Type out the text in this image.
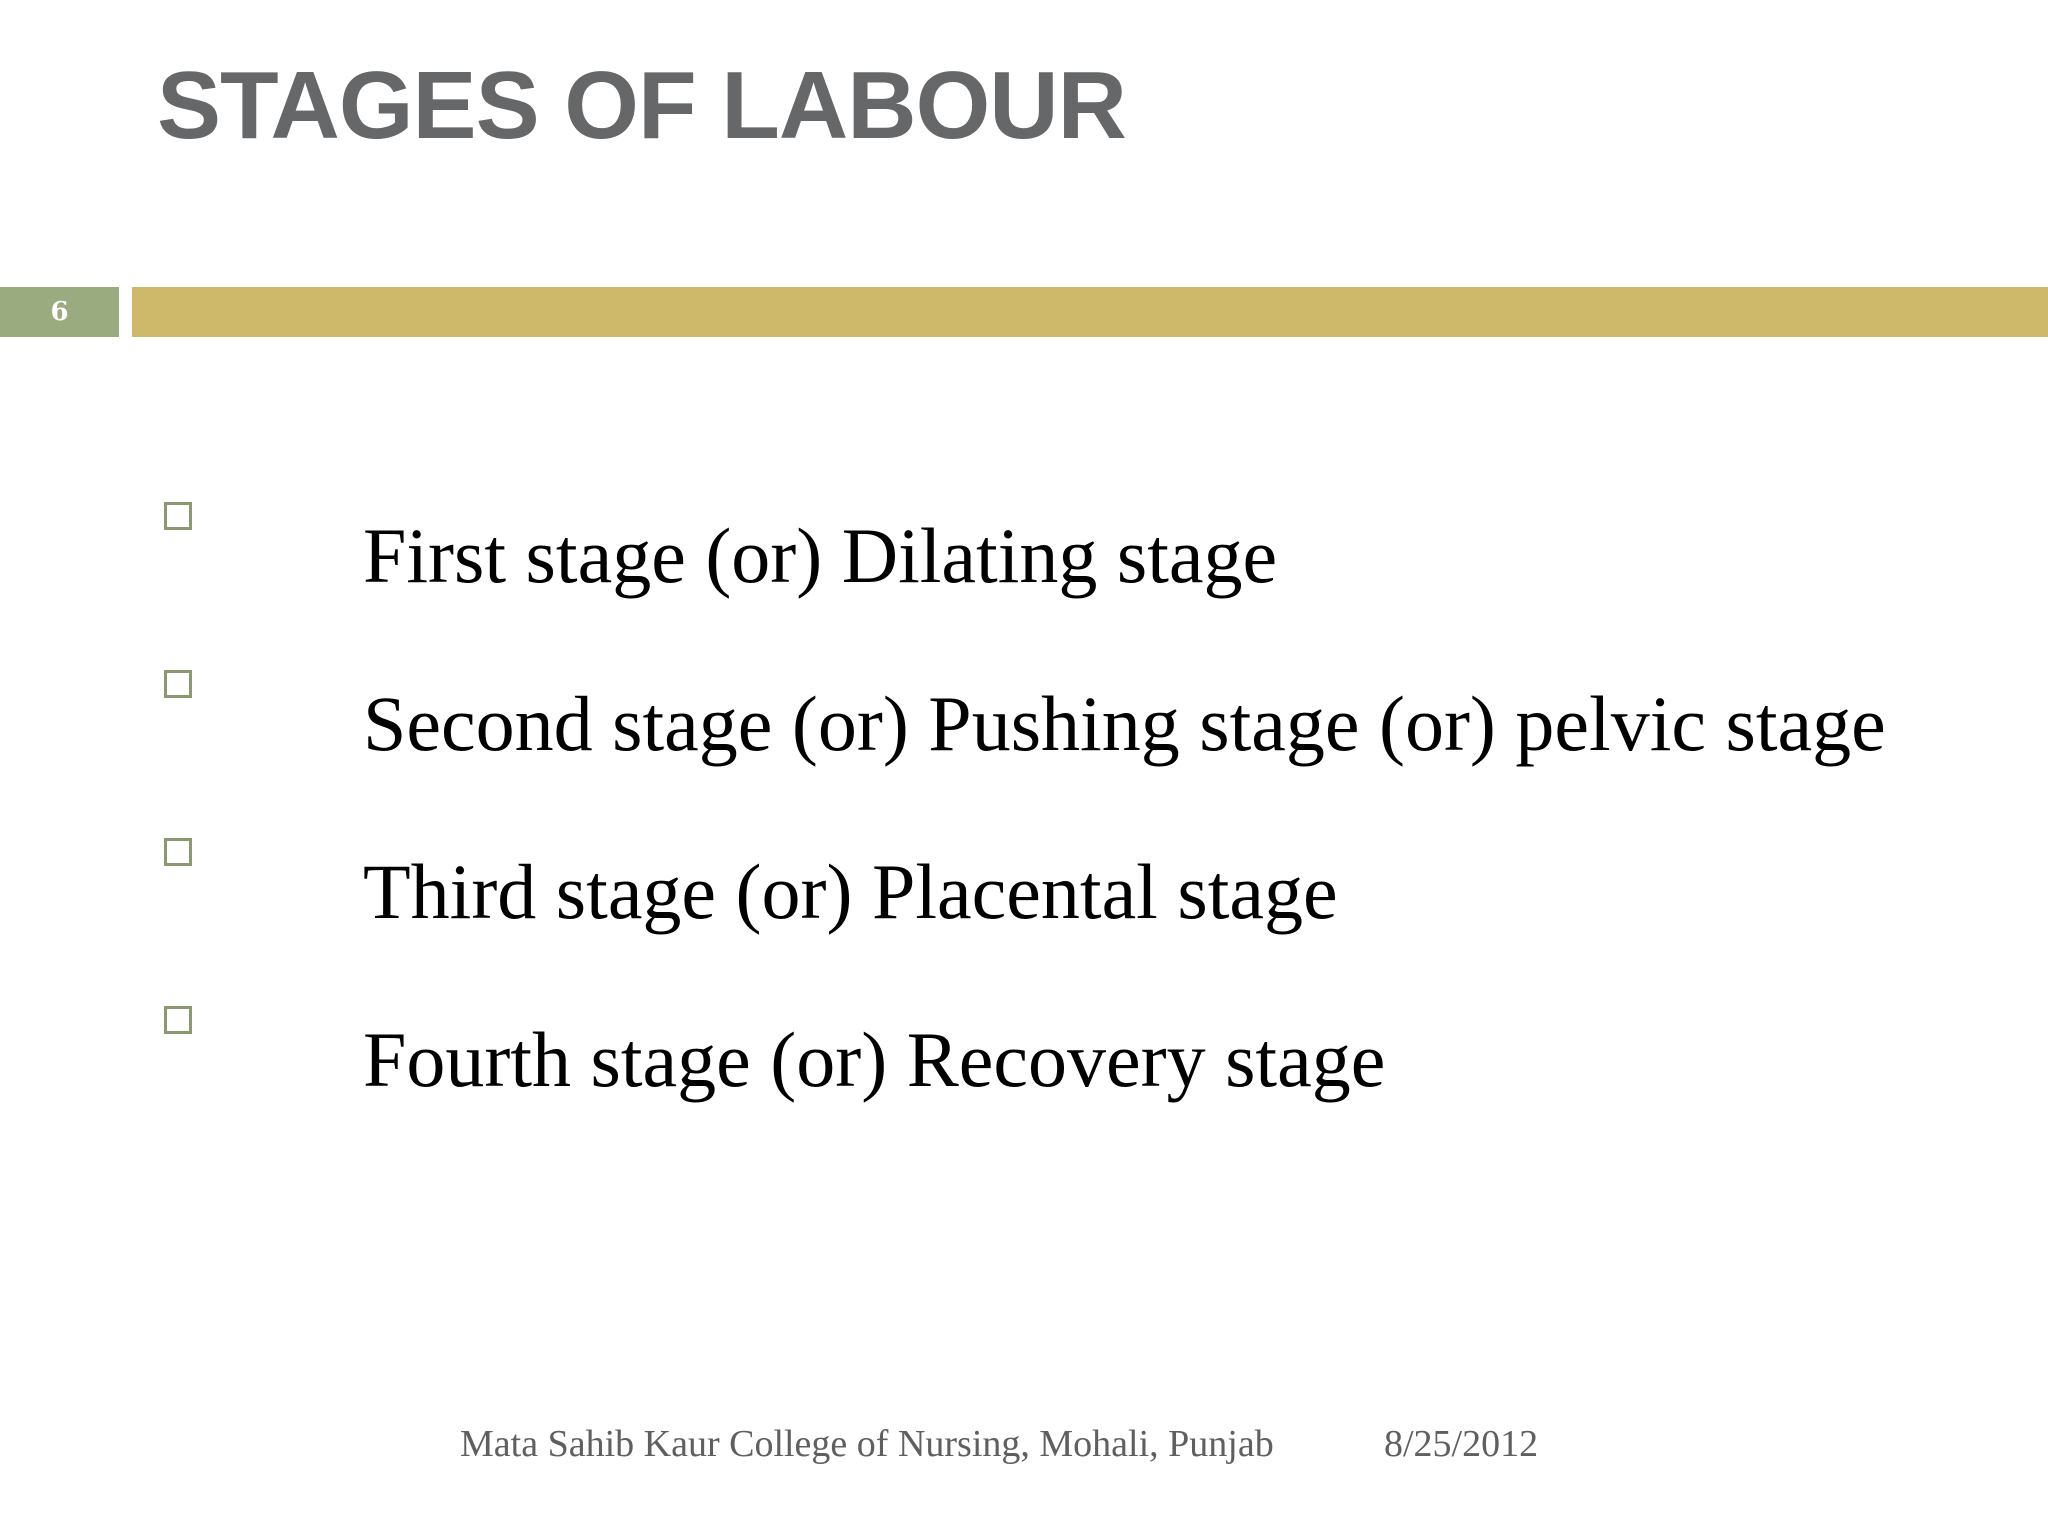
STAGES OF LABOUR
6
First stage (or) Dilating stage
Second stage (or) Pushing stage (or) pelvic stage
Third stage (or) Placental stage
Fourth stage (or) Recovery stage
Mata Sahib Kaur College of Nursing, Mohali, Punjab	8/25/2012
